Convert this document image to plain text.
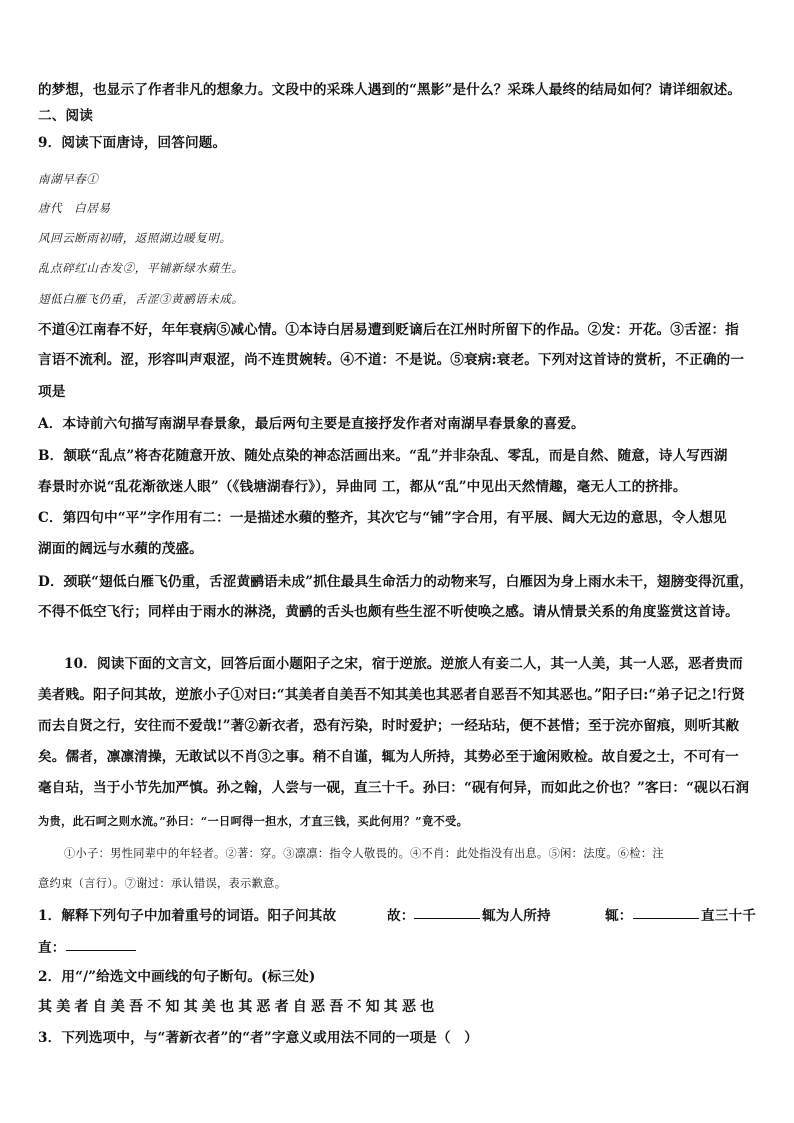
的梦想，也显示了作者非凡的想象力。文段中的采珠人遇到的“黑影”是什么？采珠人最终的结局如何？请详细叙述。
二、阅读
9．阅读下面唐诗，回答问题。
南湖早春①
唐代　白居易
风回云断雨初晴，返照湖边暖复明。
乱点碎红山杏发②，平铺新绿水蘋生。
翅低白雁飞仍重，舌涩③黄鹂语未成。
不道④江南春不好，年年衰病⑤减心情。①本诗白居易遭到贬谪后在江州时所留下的作品。②发：开花。③舌涩：指
言语不流利。涩，形容叫声艰涩，尚不连贯婉转。④不道：不是说。⑤衰病:衰老。下列对这首诗的赏析，不正确的一
项是
A．本诗前六句描写南湖早春景象，最后两句主要是直接抒发作者对南湖早春景象的喜爱。
B．颔联“乱点”将杏花随意开放、随处点染的神态活画出来。“乱”并非杂乱、零乱，而是自然、随意，诗人写西湖
春景时亦说“乱花渐欲迷人眼”（《钱塘湖春行》），异曲同 工，都从“乱”中见出天然情趣，毫无人工的挤排。
C．第四句中“平”字作用有二：一是描述水蘋的整齐，其次它与“铺”字合用，有平展、阔大无边的意思，令人想见
湖面的阔远与水蘋的茂盛。
D．颈联“翅低白雁飞仍重，舌涩黄鹂语未成”抓住最具生命活力的动物来写，白雁因为身上雨水未干，翅膀变得沉重，
不得不低空飞行；同样由于雨水的淋浇，黄鹂的舌头也颇有些生涩不听使唤之感。请从情景关系的角度鉴赏这首诗。
10．阅读下面的文言文，回答后面小题阳子之宋，宿于逆旅。逆旅人有妾二人，其一人美，其一人恶，恶者贵而
美者贱。阳子问其故，逆旅小子①对曰:“其美者自美吾不知其美也其恶者自恶吾不知其恶也。”阳子曰:“弟子记之!行贤
而去自贤之行，安往而不爱哉!”著②新衣者，恐有污染，时时爱护；一经玷玷，便不甚惜；至于浣亦留痕，则听其敝
矣。儒者，凛凛清操，无敢试以不肖③之事。稍不自谨，辄为人所持，其势必至于逾闲败检。故自爱之士，不可有一
毫自玷，当于小节先加严慎。孙之翰，人尝与一砚，直三十千。孙曰：“砚有何异，而如此之价也？”客曰：“砚以石润
为贵，此石呵之则水流。”孙曰：“一日呵得一担水，才直三钱，买此何用？”竟不受。
①小子：男性同辈中的年轻者。②著：穿。③凛凛：指令人敬畏的。④不肖：此处指没有出息。⑤闲：法度。⑥检：注
意约束（言行）。⑦谢过：承认错误，表示歉意。
1．解释下列句子中加着重号的词语。阳子问其故	故：	辄为人所持	辄：	直三十千
直：
2．用“/”给选文中画线的句子断句。(标三处)
其美者自美吾不知其美也其恶者自恶吾不知其恶也
3．下列选项中，与“著新衣者”的“者”字意义或用法不同的一项是（　）
